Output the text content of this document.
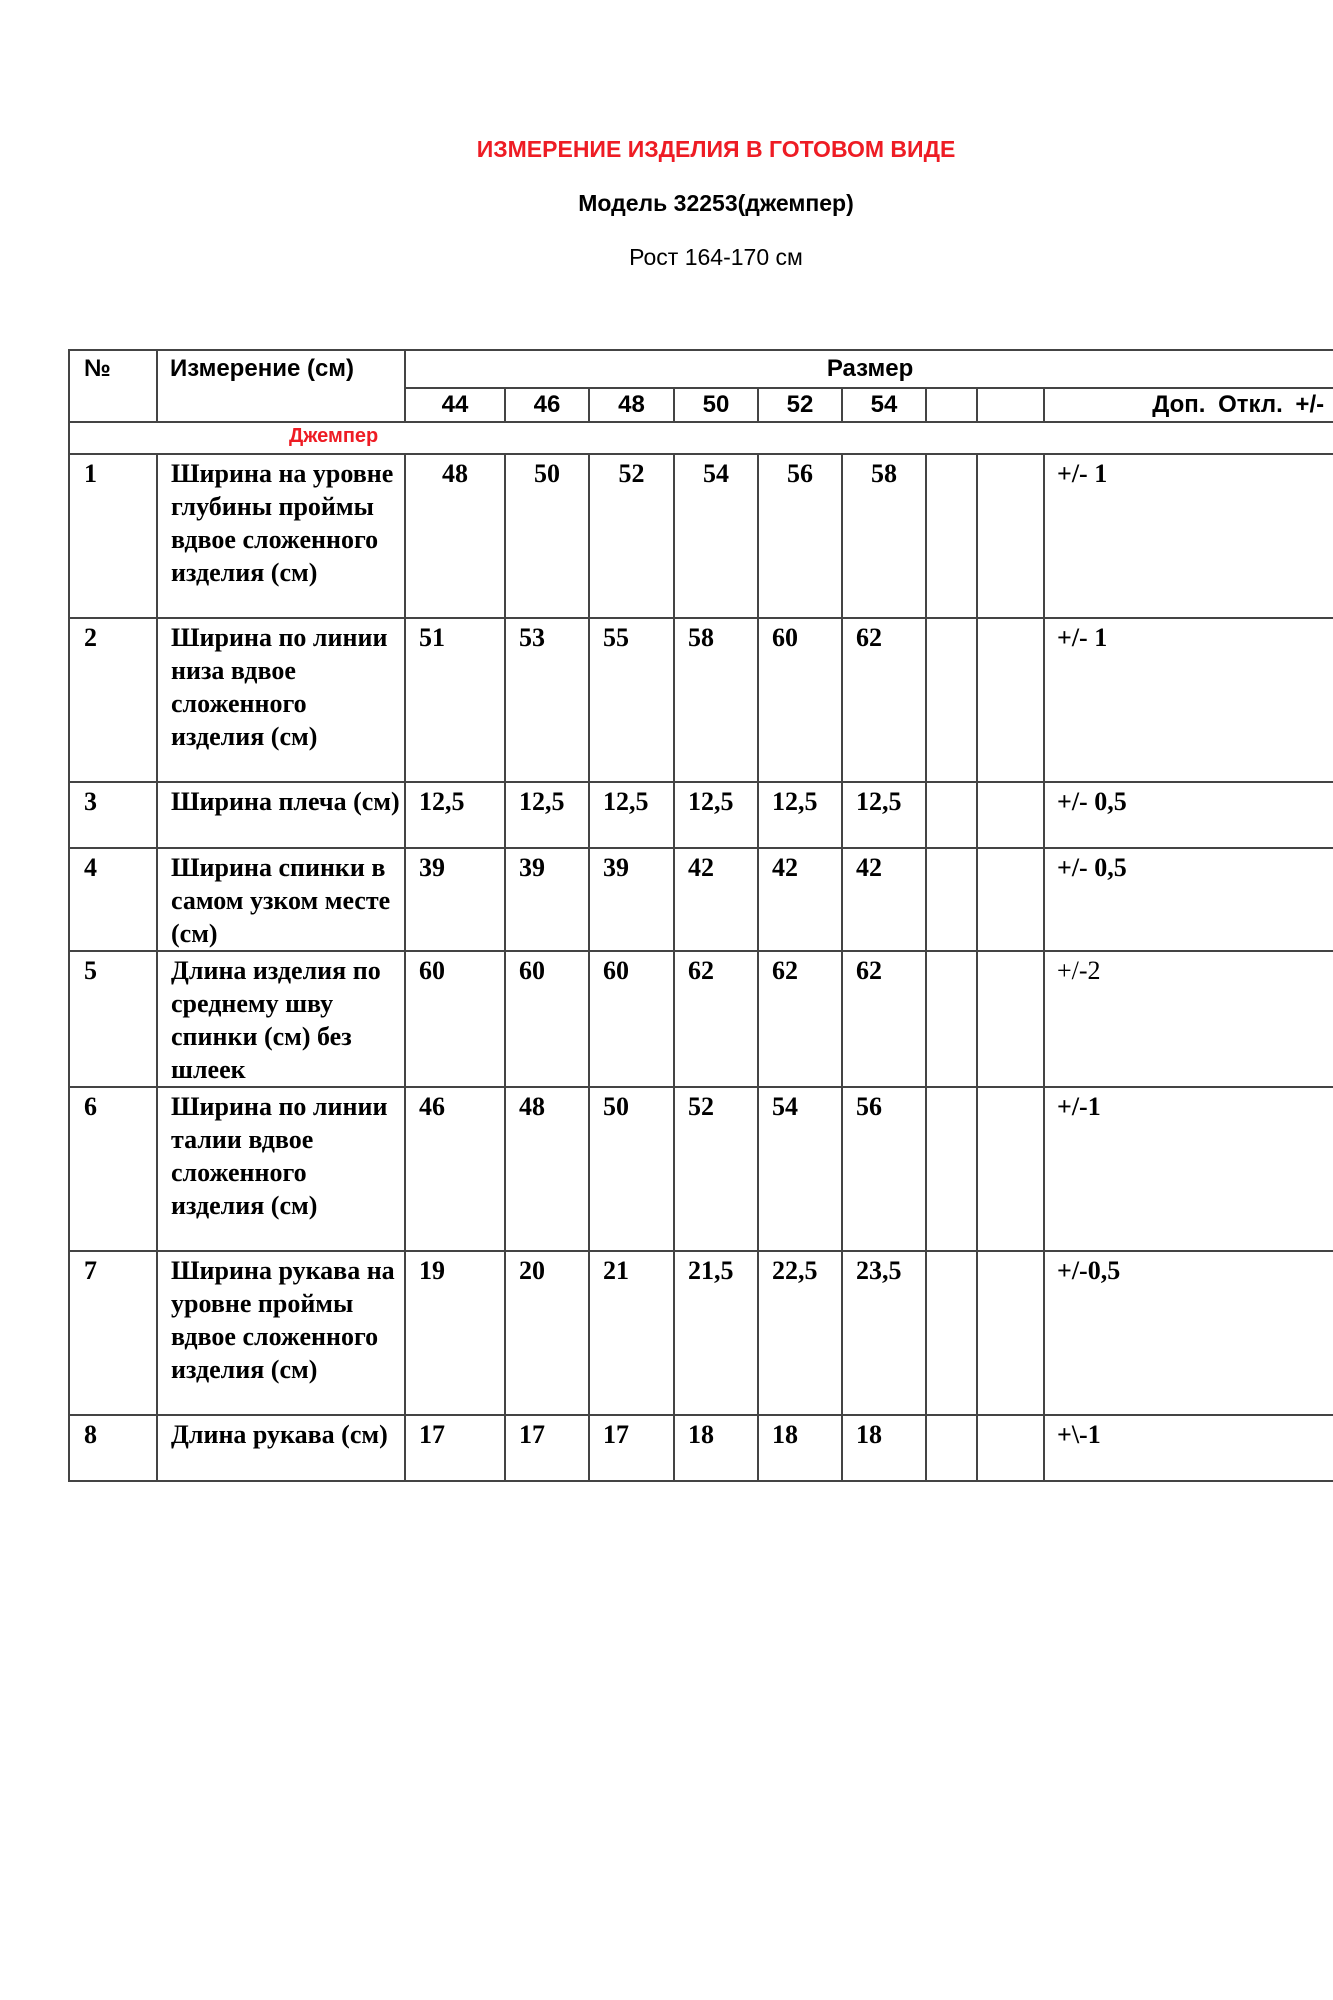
ИЗМЕРЕНИЕ ИЗДЕЛИЯ В ГОТОВОМ ВИДЕ
Модель 32253(джемпер)
Рост 164-170 см
№	Измерение (см)	Размер								
		44	46	48	50	52	54			Доп. Откл. +/-
Джемпер										
1	Ширина на уровне глубины проймы вдвое сложенного изделия (см)	48	50	52	54	56	58			+/- 1
2	Ширина по линии низа вдвое сложенного изделия (см)	51	53	55	58	60	62			+/- 1
3	Ширина плеча (см)	12,5	12,5	12,5	12,5	12,5	12,5			+/- 0,5
4	Ширина спинки в самом узком месте (см)	39	39	39	42	42	42			+/- 0,5
5	Длина изделия по среднему шву спинки (см) без шлеек	60	60	60	62	62	62			+/-2
6	Ширина по линии талии вдвое сложенного изделия (см)	46	48	50	52	54	56			+/-1
7	Ширина рукава на уровне проймы вдвое сложенного изделия (см)	19	20	21	21,5	22,5	23,5			+/-0,5
8	Длина рукава (см)	17	17	17	18	18	18			+\-1
